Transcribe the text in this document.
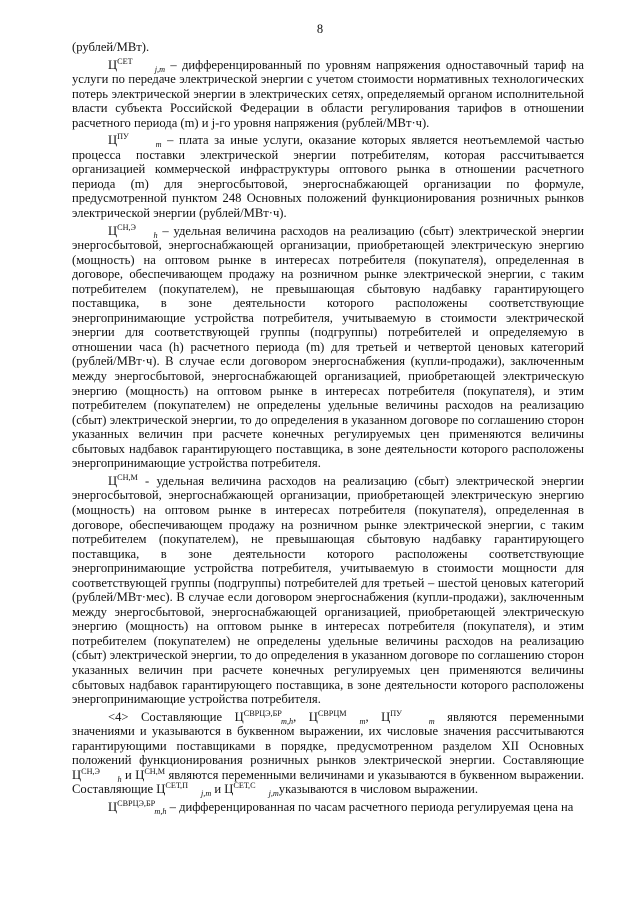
8

(рублей/МВт).

$Ц^{СЕТ}j,m$ – дифференцированный по уровням напряжения одноставочный тариф на услуги по передаче электрической энергии с учетом стоимости нормативных технологических потерь электрической энергии в электрических сетях, определяемый органом исполнительной власти субъекта Российской Федерации в области регулирования тарифов в отношении расчетного периода (m) и j-го уровня напряжения (рублей/МВт·ч).

$Ц^{ПУ}m$ – плата за иные услуги, оказание которых является неотъемлемой частью процесса поставки электрической энергии потребителям, которая рассчитывается организацией коммерческой инфраструктуры оптового рынка в отношении расчетного периода (m) для энергосбытовой, энергоснабжающей организации по формуле, предусмотренной пунктом 248 Основных положений функционирования розничных рынков электрической энергии (рублей/МВт·ч).

$Ц^{СН,Э}h$ – удельная величина расходов на реализацию (сбыт) электрической энергии энергосбытовой, энергоснабжающей организации, приобретающей электрическую энергию (мощность) на оптовом рынке в интересах потребителя (покупателя), определенная в договоре, обеспечивающем продажу на розничном рынке электрической энергии, с таким потребителем (покупателем), не превышающая сбытовую надбавку гарантирующего поставщика, в зоне деятельности которого расположены соответствующие энергопринимающие устройства потребителя, учитываемую в стоимости электрической энергии для соответствующей группы (подгруппы) потребителей и определяемую в отношении часа (h) расчетного периода (m) для третьей и четвертой ценовых категорий (рублей/МВт·ч). В случае если договором энергоснабжения (купли-продажи), заключенным между энергосбытовой, энергоснабжающей организацией, приобретающей электрическую энергию (мощность) на оптовом рынке в интересах потребителя (покупателя), и этим потребителем (покупателем) не определены удельные величины расходов на реализацию (сбыт) электрической энергии, то до определения в указанном договоре по соглашению сторон указанных величин при расчете конечных регулируемых цен применяются величины сбытовых надбавок гарантирующего поставщика, в зоне деятельности которого расположены энергопринимающие устройства потребителя.

$Ц^{СН,М}$ - удельная величина расходов на реализацию (сбыт) электрической энергии энергосбытовой, энергоснабжающей организации, приобретающей электрическую энергию (мощность) на оптовом рынке в интересах потребителя (покупателя), определенная в договоре, обеспечивающем продажу на розничном рынке электрической энергии, с таким потребителем (покупателем), не превышающая сбытовую надбавку гарантирующего поставщика, в зоне деятельности которого расположены соответствующие энергопринимающие устройства потребителя, учитываемую в стоимости мощности для соответствующей группы (подгруппы) потребителей для третьей – шестой ценовых категорий (рублей/МВт·мес). В случае если договором энергоснабжения (купли-продажи), заключенным между энергосбытовой, энергоснабжающей организацией, приобретающей электрическую энергию (мощность) на оптовом рынке в интересах потребителя (покупателя), и этим потребителем (покупателем) не определены удельные величины расходов на реализацию (сбыт) электрической энергии, то до определения в указанном договоре по соглашению сторон указанных величин при расчете конечных регулируемых цен применяются величины сбытовых надбавок гарантирующего поставщика, в зоне деятельности которого расположены энергопринимающие устройства потребителя.

<4> Составляющие $Ц^{СВРЦЭ,БР}m,h$, $Ц^{СВРЦМ}m$, $Ц^{ПУ}m$ являются переменными значениями и указываются в буквенном выражении, их числовые значения рассчитываются гарантирующими поставщиками в порядке, предусмотренном разделом XII Основных положений функционирования розничных рынков электрической энергии. Составляющие $Ц^{СН,Э}h$ и $Ц^{СН,М}$ являются переменными величинами и указываются в буквенном выражении. Составляющие $Ц^{СЕТ,П}j,m$ и $Ц^{СЕТ,С}j,mуказываются$ в числовом выражении.

$Ц^{СВРЦЭ,БР}m,h$ – дифференцированная по часам расчетного периода регулируемая цена на
